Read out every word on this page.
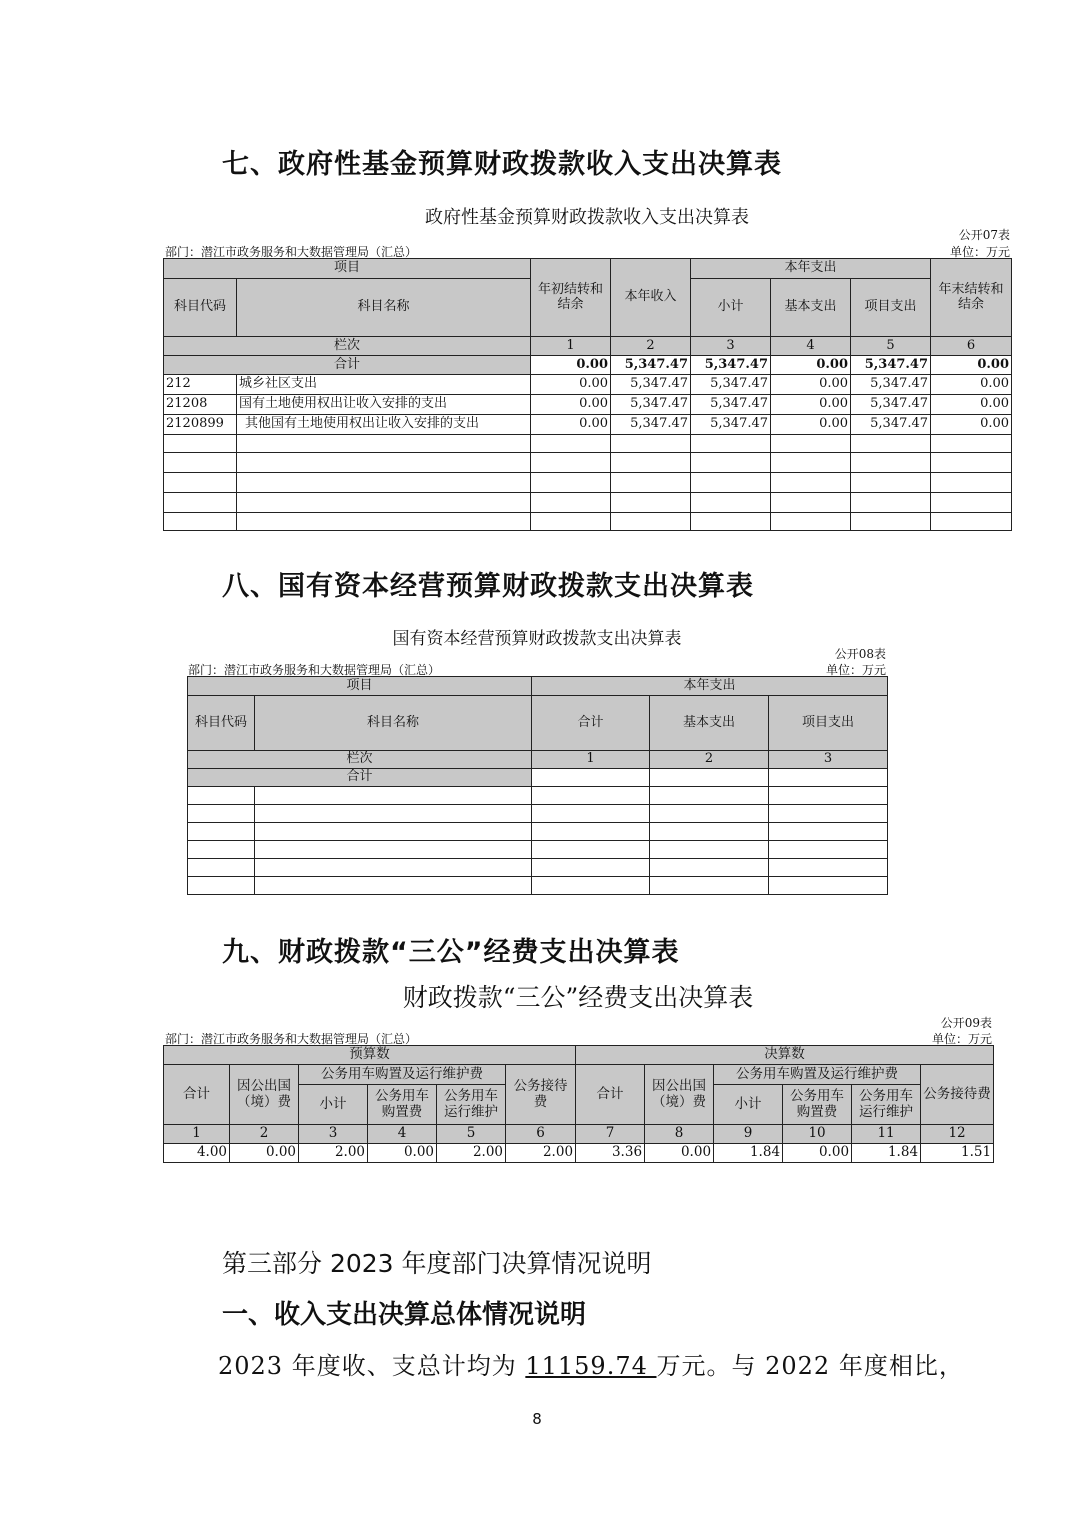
七、政府性基金预算财政拨款收入支出决算表
政府性基金预算财政拨款收入支出决算表
公开07表
部门：潜江市政务服务和大数据管理局（汇总）	单位：万元
项目		年初结转和结余	本年收入	本年支出			年末结转和结余
科目代码	科目名称			小计	基本支出	项目支出	
栏次		1	2	3	4	5	6
合计		0.00	5,347.47	5,347.47	0.00	5,347.47	0.00
212	城乡社区支出	0.00	5,347.47	5,347.47	0.00	5,347.47	0.00
21208	国有土地使用权出让收入安排的支出	0.00	5,347.47	5,347.47	0.00	5,347.47	0.00
2120899	其他国有土地使用权出让收入安排的支出	0.00	5,347.47	5,347.47	0.00	5,347.47	0.00

八、国有资本经营预算财政拨款支出决算表
国有资本经营预算财政拨款支出决算表
公开08表
部门：潜江市政务服务和大数据管理局（汇总）	单位：万元
项目		本年支出		
科目代码	科目名称	合计	基本支出	项目支出
栏次		1	2	3
合计				

九、财政拨款“三公”经费支出决算表
财政拨款“三公”经费支出决算表
公开09表
部门：潜江市政务服务和大数据管理局（汇总）	单位：万元
预算数						决算数					
合计	因公出国（境）费	公务用车购置及运行维护费			公务接待费	合计	因公出国（境）费	公务用车购置及运行维护费			公务接待费
		小计	公务用车购置费	公务用车运行维护				小计	公务用车购置费	公务用车运行维护	
1	2	3	4	5	6	7	8	9	10	11	12
4.00	0.00	2.00	0.00	2.00	2.00	3.36	0.00	1.84	0.00	1.84	1.51
第三部分 2023 年度部门决算情况说明
一、收入支出决算总体情况说明
2023 年度收、支总计均为 11159.74 万元。与 2022 年度相比，
8
